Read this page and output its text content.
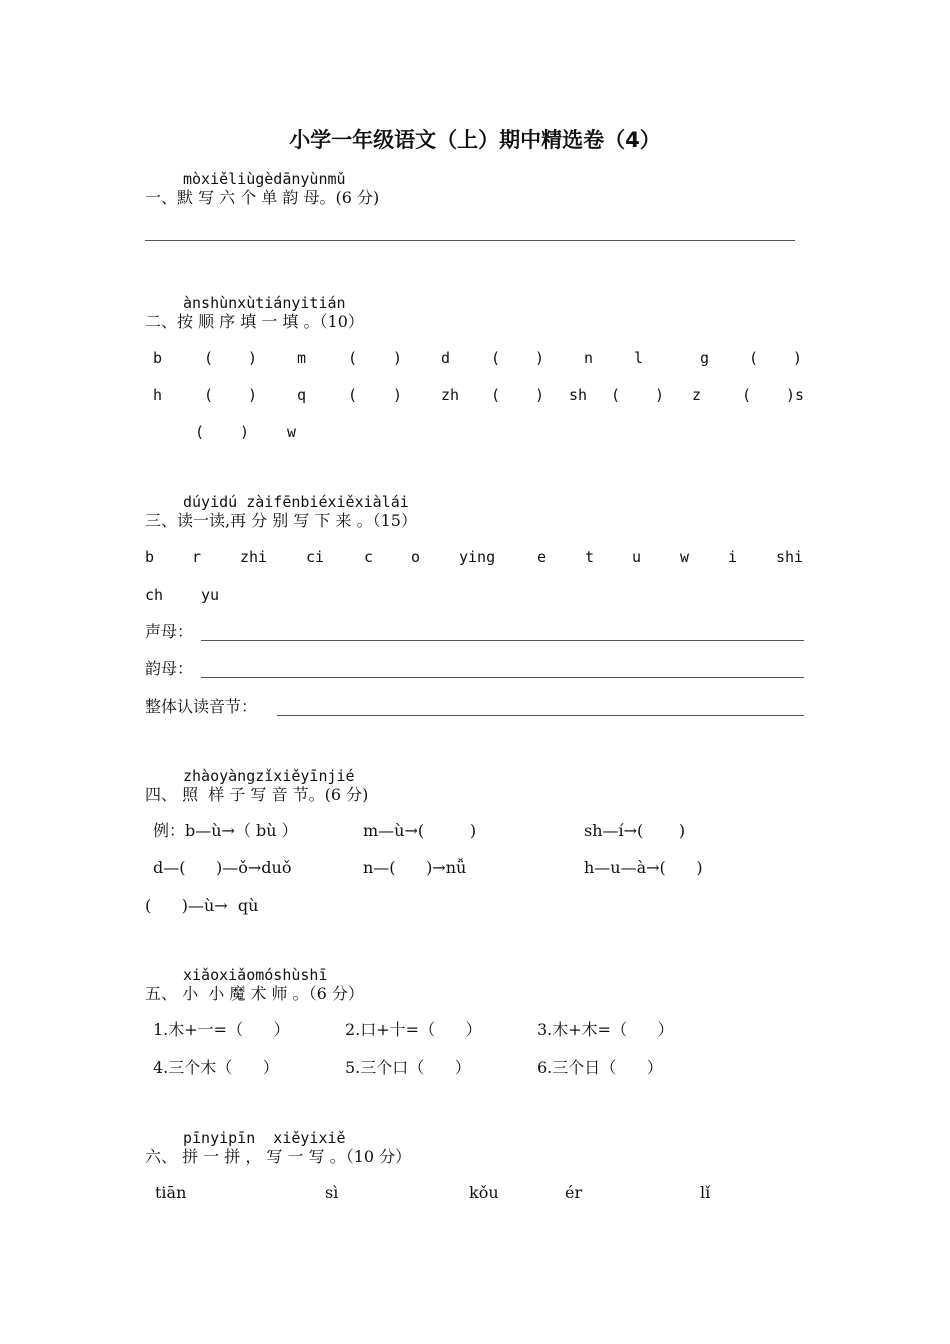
小学一年级语文（上）期中精选卷（4）
mòxiěliùgèdānyùnmǔ
一、默 写 六 个 单 韵 母。(6 分)
ànshùnxùtiányitián
二、按 顺 序 填 一 填 。（10）
b	( )	m	( )	d	( )	n	l	g	( )
h	( )	q	( )	zh ( ) sh ( ) z	( )s
( )	w
dúyidú zàifēnbiéxiěxiàlái
三、读一读,再 分 别 写 下 来 。（15）
b	r	zhi	ci	c	o	ying	e	t	u	w	i	shi
ch	yu
声母：
韵母：
整体认读音节：
zhàoyàngzǐxiěyīnjié
四、 照  样 子 写 音 节。(6 分)
例：b—ù→（ bù ）	m—ù→(         )	sh—í→(       )
d—(      )—ǒ→duǒ	n—(      )→nǚ	h—u—à→(      )
(      )—ù→  qù
xiǎoxiǎomóshùshī
五、 小  小 魔 术 师 。（6 分）
1.木+一=（      ）	2.口+十=（      ）	3.木+木=（      ）
4.三个木（      ）	5.三个口（      ）	6.三个日（      ）
pīnyipīn  xiěyixiě
六、 拼 一 拼 ， 写 一 写 。（10 分）
tiān	sì	kǒu	ér	lǐ
